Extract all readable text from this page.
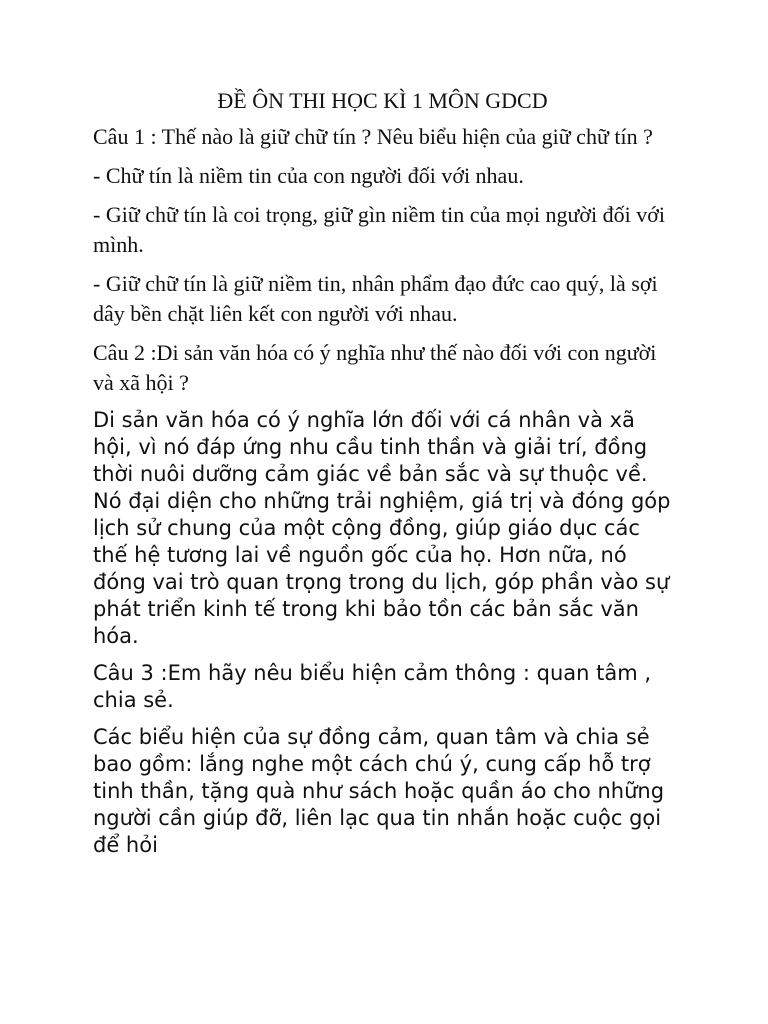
ĐỀ ÔN THI HỌC KÌ 1 MÔN GDCD

Câu 1 : Thế nào là giữ chữ tín ? Nêu biểu hiện của giữ chữ tín ?

- Chữ tín là niềm tin của con người đối với nhau.

- Giữ chữ tín là coi trọng, giữ gìn niềm tin của mọi người đối với mình.

- Giữ chữ tín là giữ niềm tin, nhân phẩm đạo đức cao quý, là sợi dây bền chặt liên kết con người với nhau.

Câu 2 :Di sản văn hóa có ý nghĩa như thế nào đối với con người và xã hội ?

Di sản văn hóa có ý nghĩa lớn đối với cá nhân và xã hội, vì nó đáp ứng nhu cầu tinh thần và giải trí, đồng thời nuôi dưỡng cảm giác về bản sắc và sự thuộc về. Nó đại diện cho những trải nghiệm, giá trị và đóng góp lịch sử chung của một cộng đồng, giúp giáo dục các thế hệ tương lai về nguồn gốc của họ. Hơn nữa, nó đóng vai trò quan trọng trong du lịch, góp phần vào sự phát triển kinh tế trong khi bảo tồn các bản sắc văn hóa.

Câu 3 :Em hãy nêu biểu hiện cảm thông : quan tâm , chia sẻ.

Các biểu hiện của sự đồng cảm, quan tâm và chia sẻ bao gồm: lắng nghe một cách chú ý, cung cấp hỗ trợ tinh thần, tặng quà như sách hoặc quần áo cho những người cần giúp đỡ, liên lạc qua tin nhắn hoặc cuộc gọi để hỏi
